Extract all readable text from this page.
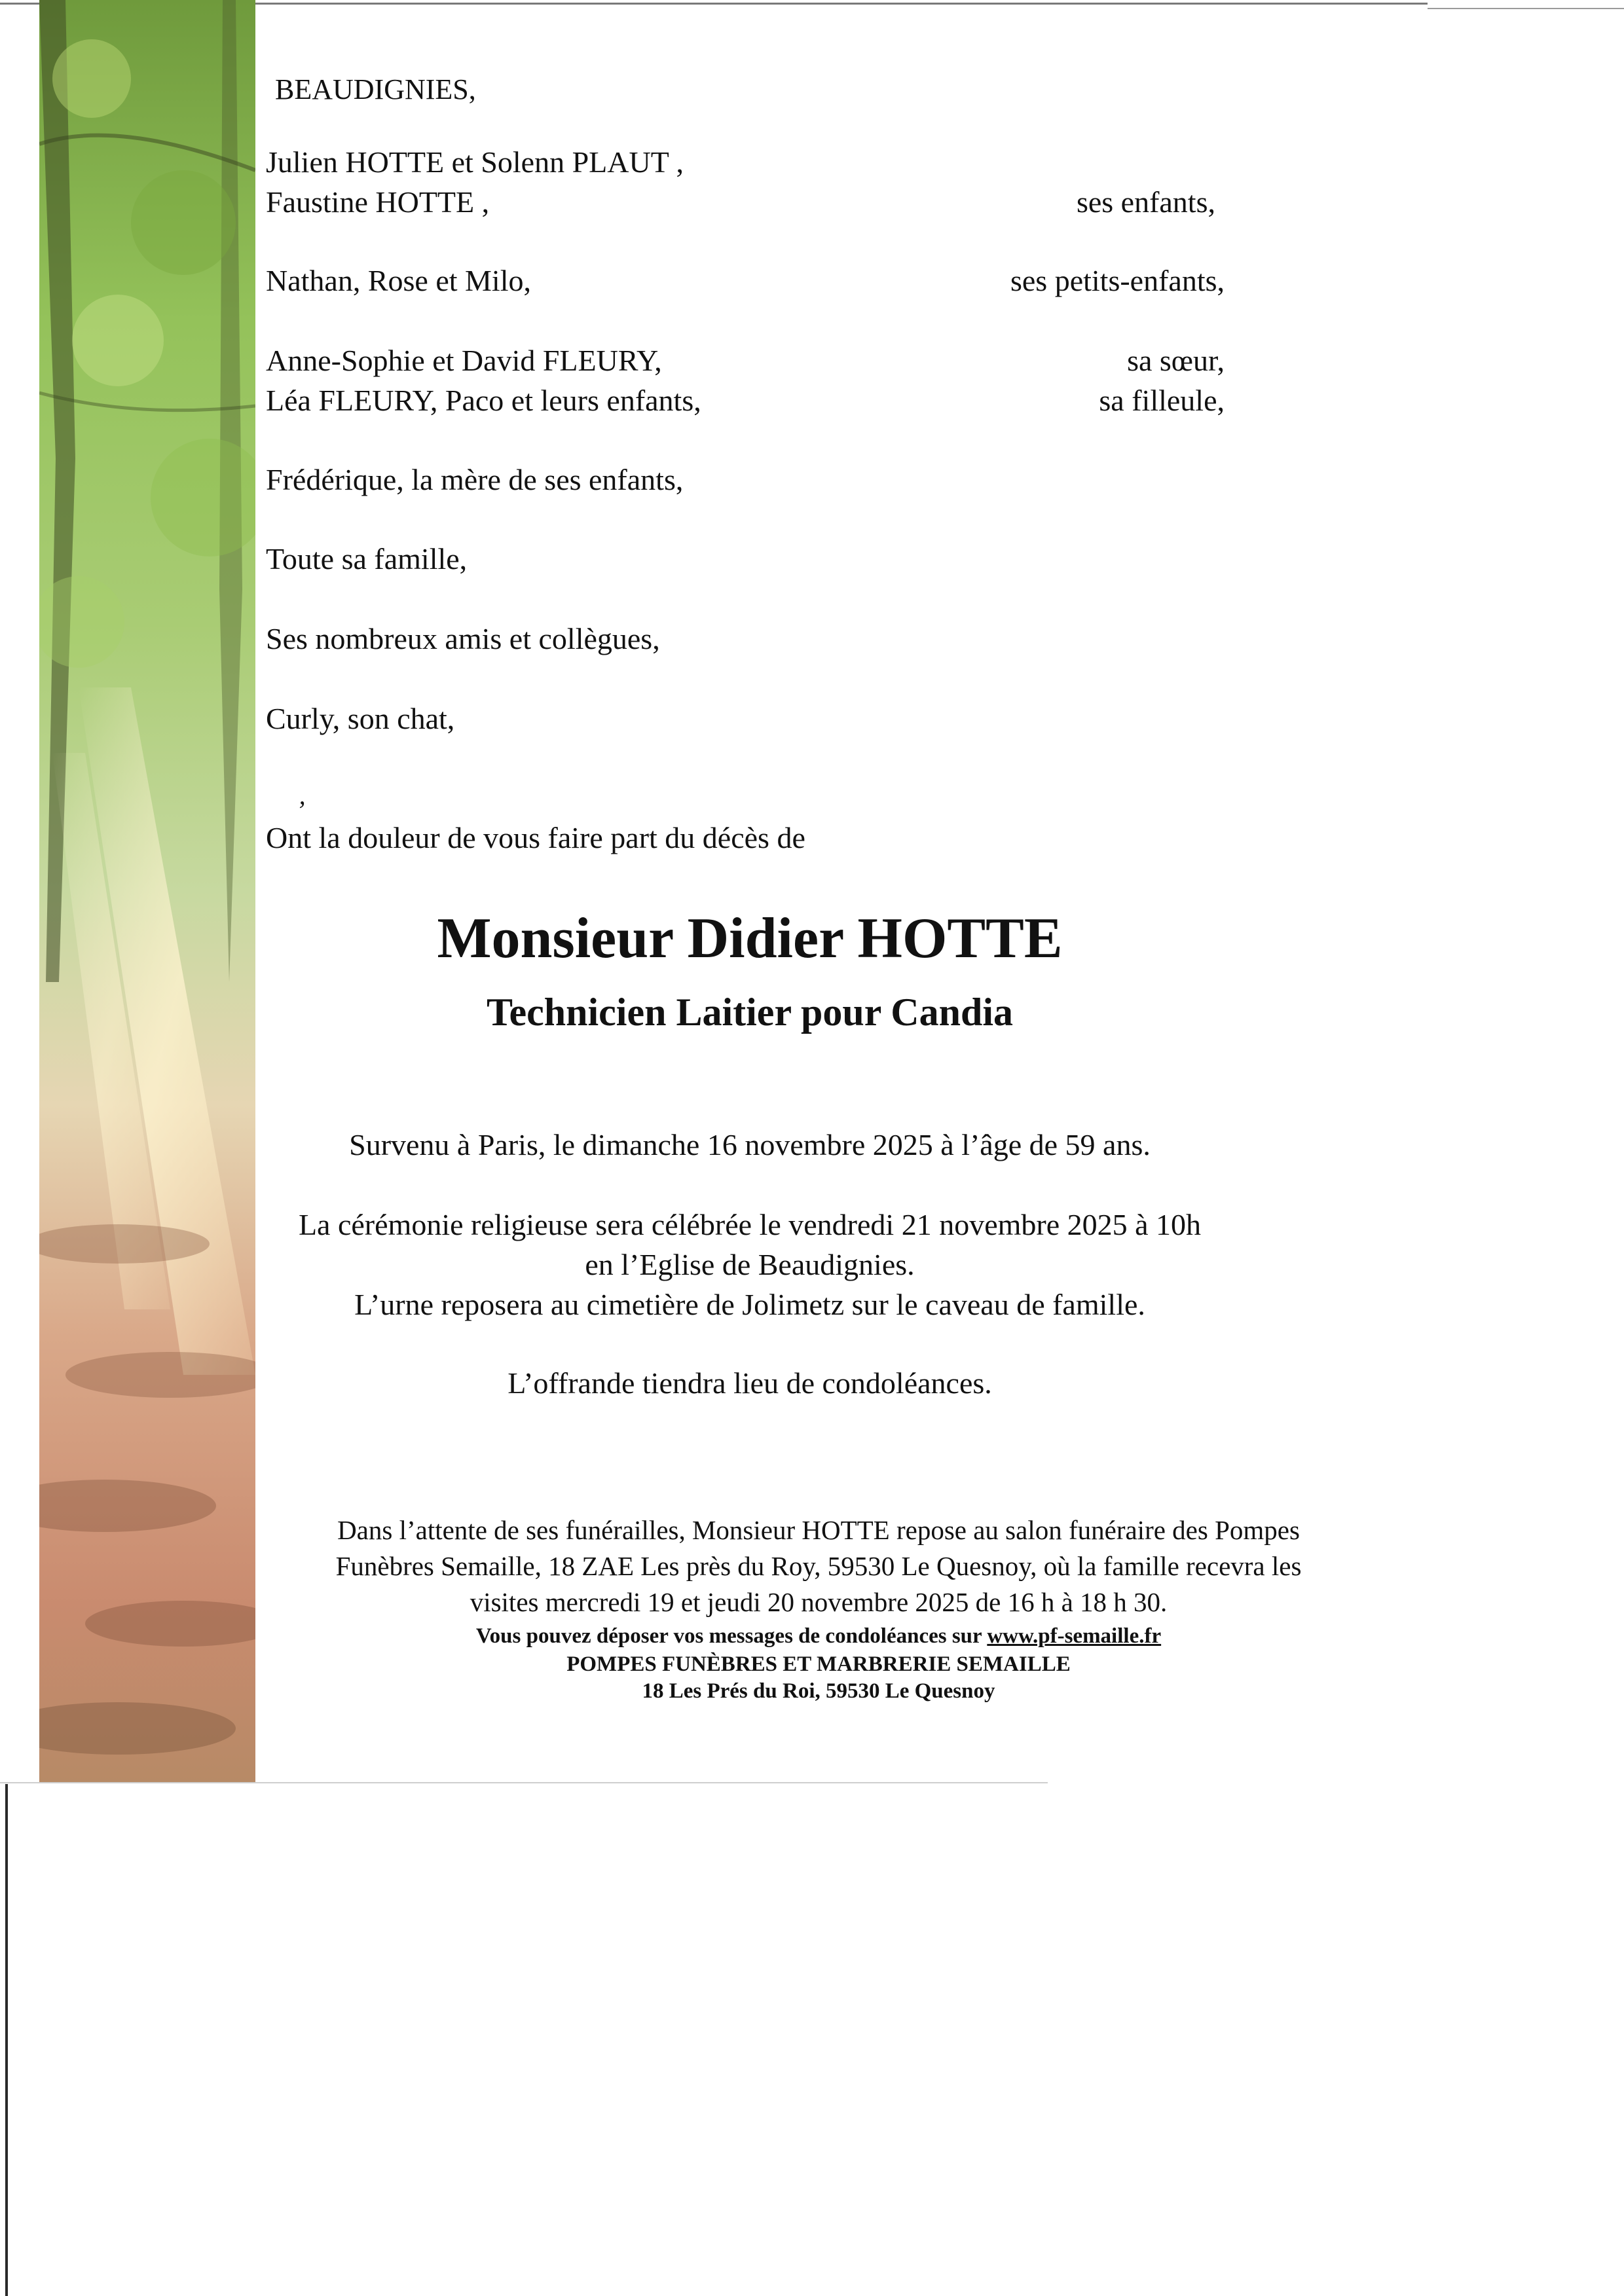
BEAUDIGNIES,
Julien HOTTE et Solenn PLAUT ,
Faustine HOTTE ,	ses enfants,
Nathan, Rose et Milo,	ses petits-enfants,
Anne-Sophie et David FLEURY,	sa sœur,
Léa FLEURY, Paco et leurs enfants,	sa filleule,
Frédérique, la mère de ses enfants,
Toute sa famille,
Ses nombreux amis et collègues,
Curly, son chat,
ʼ
Ont la douleur de vous faire part du décès de
Monsieur Didier HOTTE
Technicien Laitier pour Candia
Survenu à Paris, le dimanche 16 novembre 2025 à l’âge de 59 ans.
La cérémonie religieuse sera célébrée le vendredi 21 novembre 2025 à 10h
en l’Eglise de Beaudignies.
L’urne reposera au cimetière de Jolimetz sur le caveau de famille.
L’offrande tiendra lieu de condoléances.
Dans l’attente de ses funérailles, Monsieur HOTTE repose au salon funéraire des Pompes
Funèbres Semaille, 18 ZAE Les près du Roy, 59530 Le Quesnoy, où la famille recevra les
visites mercredi 19 et jeudi 20 novembre 2025 de 16 h à 18 h 30.
Vous pouvez déposer vos messages de condoléances sur www.pf-semaille.fr
POMPES FUNÈBRES ET MARBRERIE SEMAILLE
18 Les Prés du Roi, 59530 Le Quesnoy
